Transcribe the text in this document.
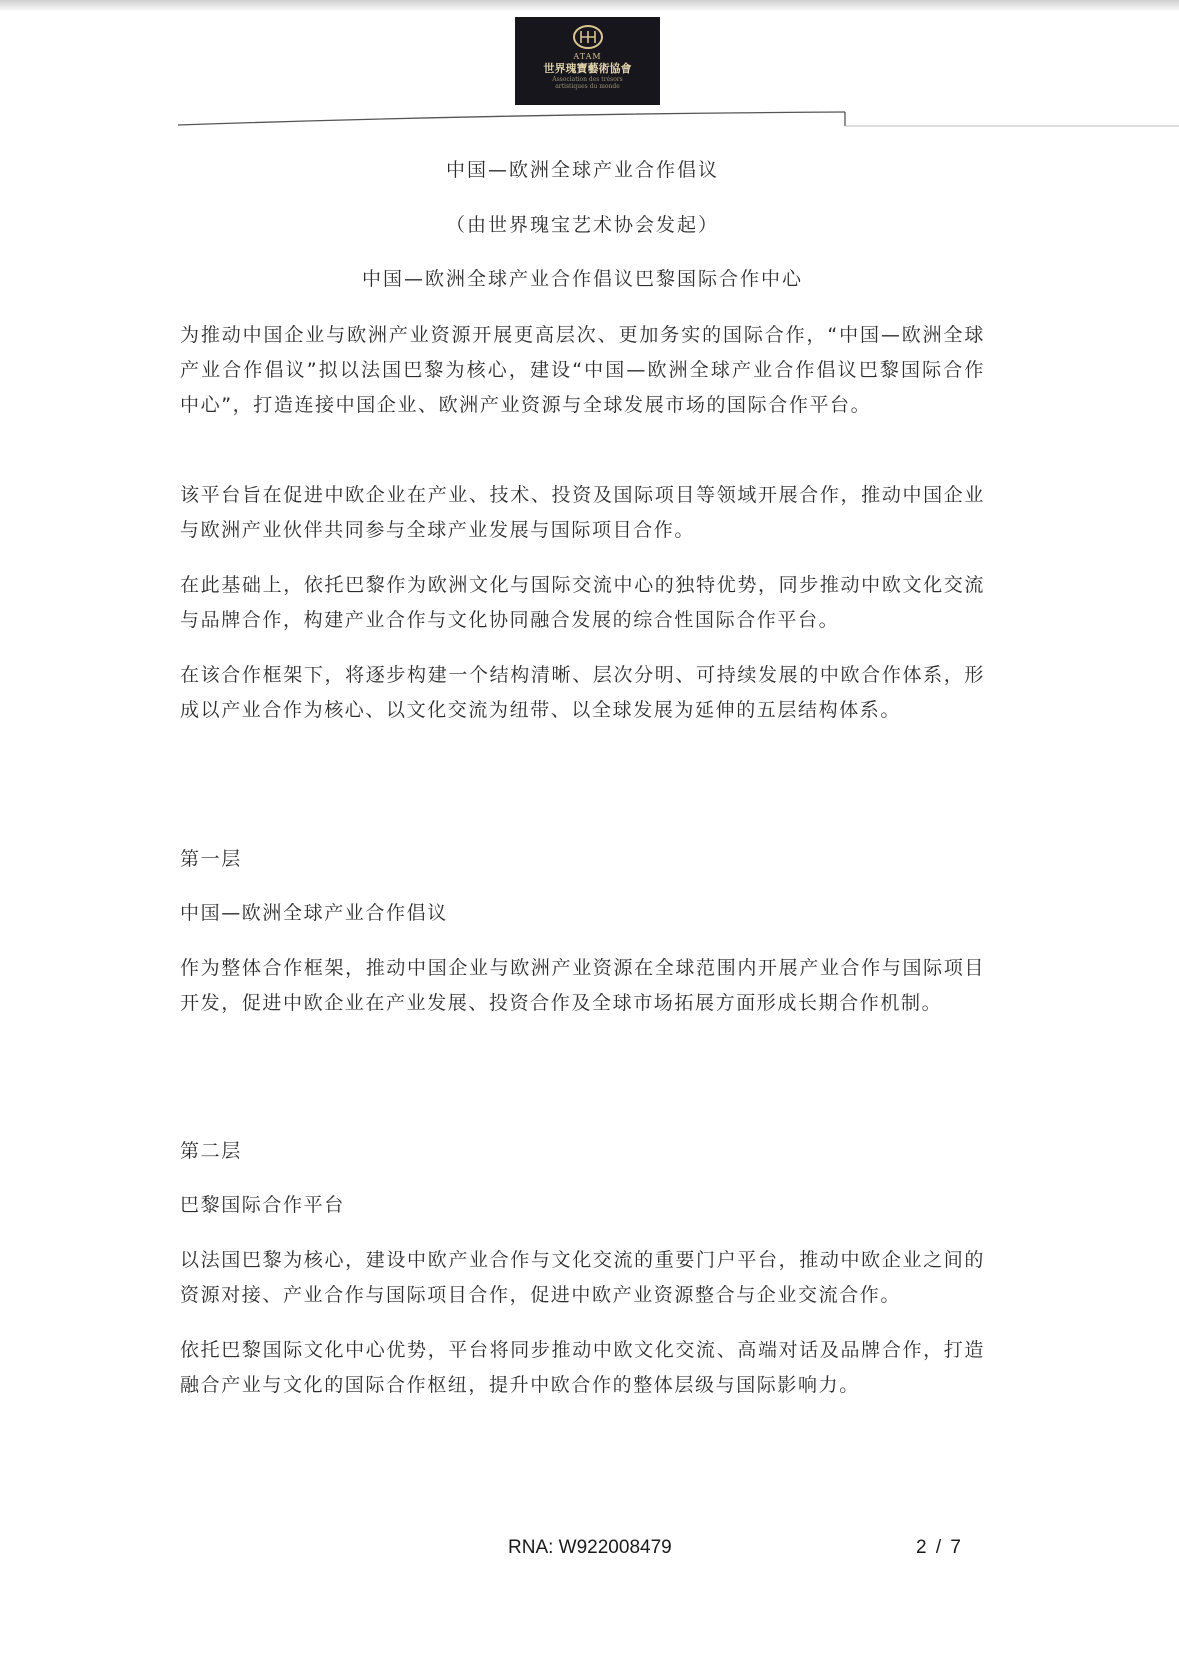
ATAM
世界瑰寶藝術協會
Association des trésors
artistiques du monde
中国—欧洲全球产业合作倡议
（由世界瑰宝艺术协会发起）
中国—欧洲全球产业合作倡议巴黎国际合作中心

为推动中国企业与欧洲产业资源开展更高层次、更加务实的国际合作，“中国—欧洲全球产业合作倡议”拟以法国巴黎为核心，建设“中国—欧洲全球产业合作倡议巴黎国际合作中心”，打造连接中国企业、欧洲产业资源与全球发展市场的国际合作平台。

该平台旨在促进中欧企业在产业、技术、投资及国际项目等领域开展合作，推动中国企业与欧洲产业伙伴共同参与全球产业发展与国际项目合作。

在此基础上，依托巴黎作为欧洲文化与国际交流中心的独特优势，同步推动中欧文化交流与品牌合作，构建产业合作与文化协同融合发展的综合性国际合作平台。

在该合作框架下，将逐步构建一个结构清晰、层次分明、可持续发展的中欧合作体系，形成以产业合作为核心、以文化交流为纽带、以全球发展为延伸的五层结构体系。

第一层

中国—欧洲全球产业合作倡议

作为整体合作框架，推动中国企业与欧洲产业资源在全球范围内开展产业合作与国际项目开发，促进中欧企业在产业发展、投资合作及全球市场拓展方面形成长期合作机制。

第二层

巴黎国际合作平台

以法国巴黎为核心，建设中欧产业合作与文化交流的重要门户平台，推动中欧企业之间的资源对接、产业合作与国际项目合作，促进中欧产业资源整合与企业交流合作。

依托巴黎国际文化中心优势，平台将同步推动中欧文化交流、高端对话及品牌合作，打造融合产业与文化的国际合作枢纽，提升中欧合作的整体层级与国际影响力。

RNA: W922008479	2 / 7
